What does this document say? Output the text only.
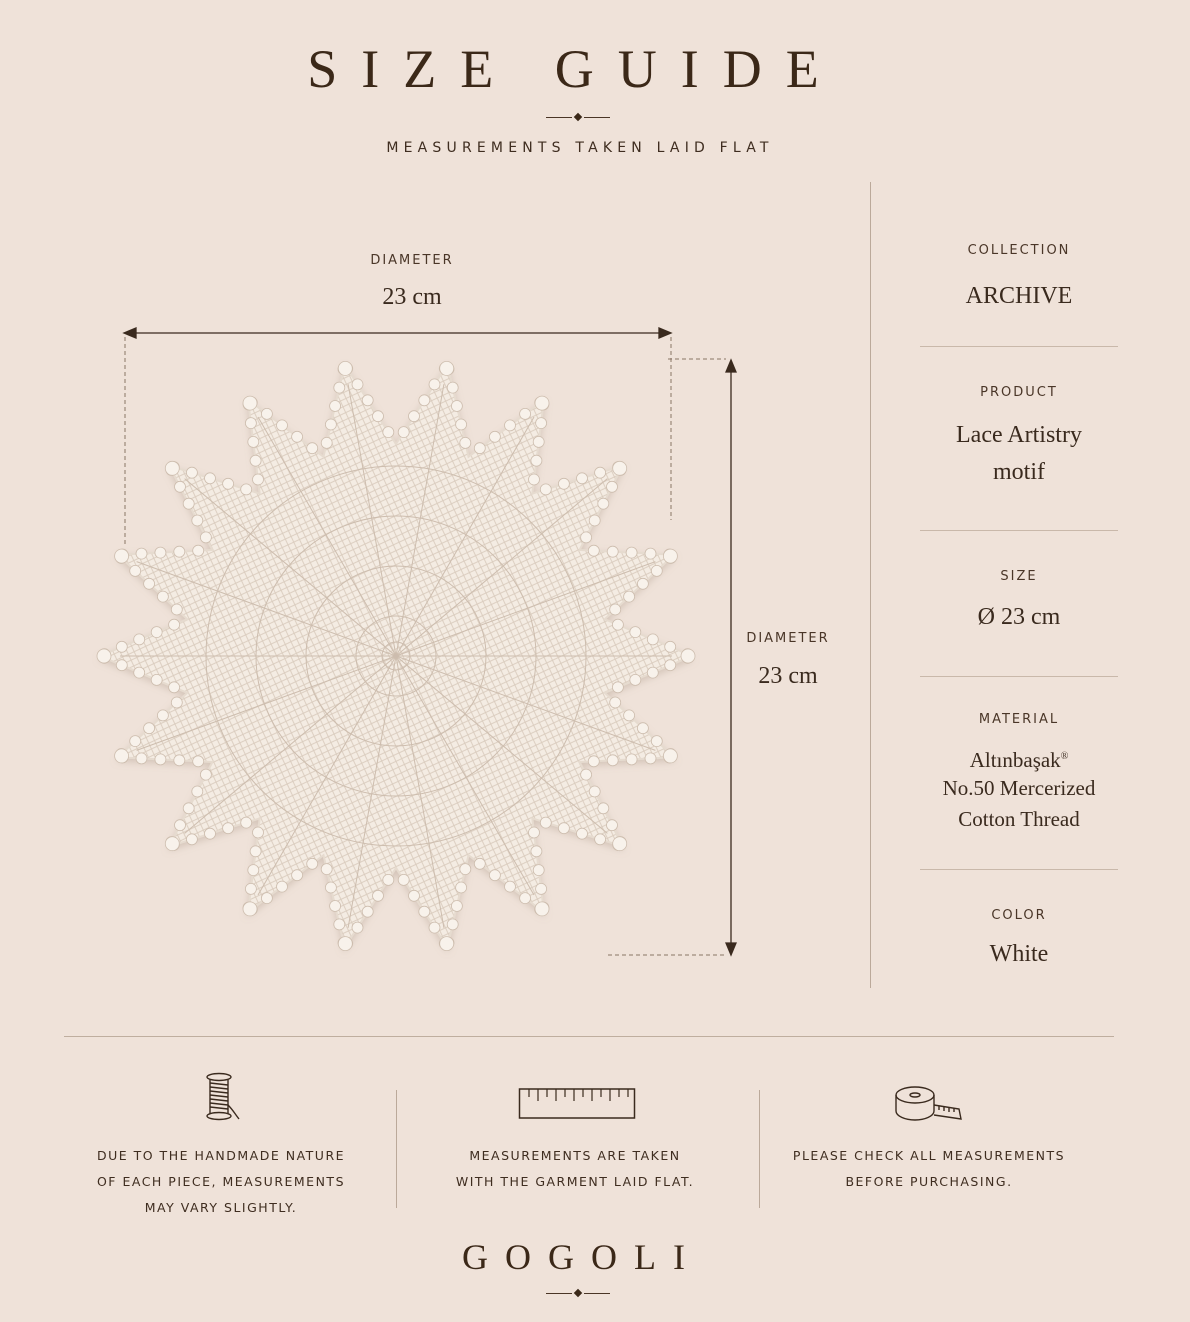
SIZE GUIDE
MEASUREMENTS TAKEN LAID FLAT
DIAMETER
23 cm
DIAMETER
23 cm
COLLECTION
ARCHIVE
PRODUCT
Lace Artistry
motif
SIZE
Ø 23 cm
MATERIAL
Altınbaşak®
No.50 Mercerized
Cotton Thread
COLOR
White
DUE TO THE HANDMADE NATURE
OF EACH PIECE, MEASUREMENTS
MAY VARY SLIGHTLY.
MEASUREMENTS ARE TAKEN
WITH THE GARMENT LAID FLAT.
PLEASE CHECK ALL MEASUREMENTS
BEFORE PURCHASING.
GOGOLI
